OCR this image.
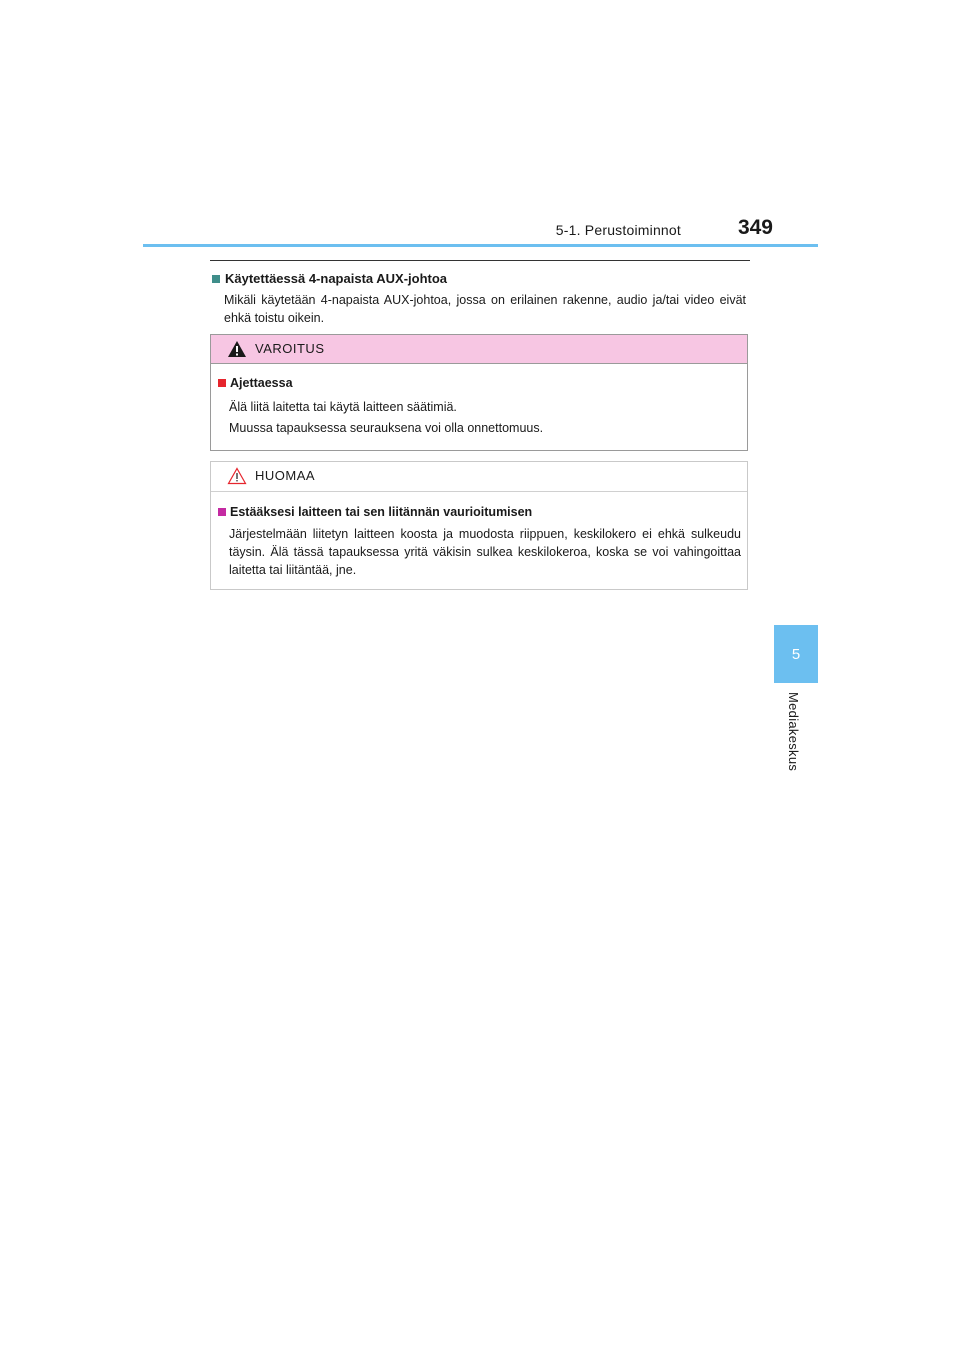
5-1. Perustoiminnot	349
5
Mediakeskus
Käytettäessä 4-napaista AUX-johtoa
Mikäli käytetään 4-napaista AUX-johtoa, jossa on erilainen rakenne, audio ja/tai video eivät ehkä toistu oikein.
VAROITUS
Ajettaessa
Älä liitä laitetta tai käytä laitteen säätimiä.
Muussa tapauksessa seurauksena voi olla onnettomuus.
HUOMAA
Estääksesi laitteen tai sen liitännän vaurioitumisen
Järjestelmään liitetyn laitteen koosta ja muodosta riippuen, keskilokero ei ehkä sulkeudu täysin. Älä tässä tapauksessa yritä väkisin sulkea keskilokeroa, koska se voi vahingoittaa laitetta tai liitäntää, jne.
